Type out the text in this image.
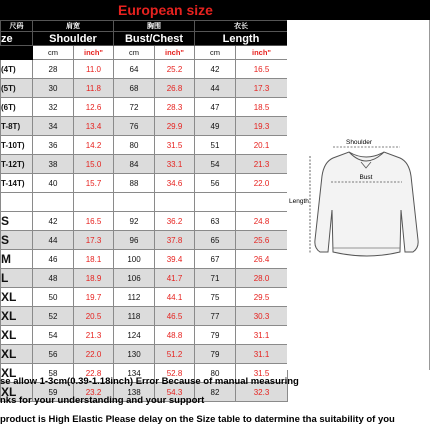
European size
尺码	肩宽		胸围		衣长	
ze	Shoulder		Bust/Chest		Length	
	cm	inch"	cm	inch"	cm	inch"
(4T)	28	11.0	64	25.2	42	16.5
(5T)	30	11.8	68	26.8	44	17.3
(6T)	32	12.6	72	28.3	47	18.5
T-8T)	34	13.4	76	29.9	49	19.3
T-10T)	36	14.2	80	31.5	51	20.1
T-12T)	38	15.0	84	33.1	54	21.3
T-14T)	40	15.7	88	34.6	56	22.0

S	42	16.5	92	36.2	63	24.8
S	44	17.3	96	37.8	65	25.6
M	46	18.1	100	39.4	67	26.4
L	48	18.9	106	41.7	71	28.0
XL	50	19.7	112	44.1	75	29.5
XL	52	20.5	118	46.5	77	30.3
XL	54	21.3	124	48.8	79	31.1
XL	56	22.0	130	51.2	79	31.1
XL	58	22.8	134	52.8	80	31.5
XL	59	23.2	138	54.3	82	32.3
Shoulder
Bust
Length
se allow 1-3cm(0.39-1.18inch) Error Because of manual measuring
nks for your understanding and your support
product is High Elastic Please delay on the Size table to datermine tha suitability of you
